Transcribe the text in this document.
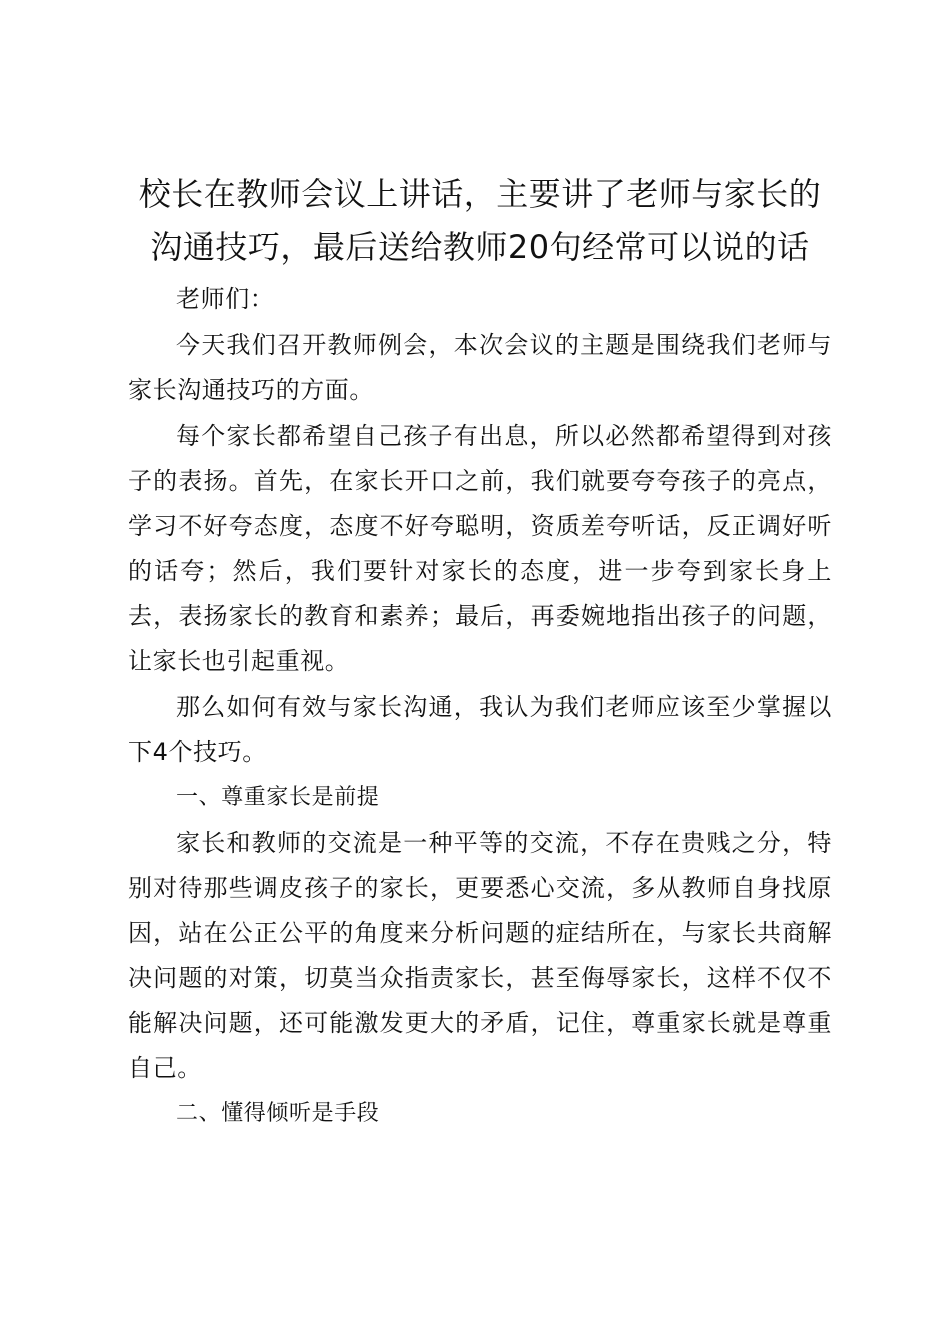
校长在教师会议上讲话，主要讲了老师与家长的沟通技巧，最后送给教师20句经常可以说的话

老师们：

今天我们召开教师例会，本次会议的主题是围绕我们老师与家长沟通技巧的方面。

每个家长都希望自己孩子有出息，所以必然都希望得到对孩子的表扬。首先，在家长开口之前，我们就要夸夸孩子的亮点，学习不好夸态度，态度不好夸聪明，资质差夸听话，反正调好听的话夸；然后，我们要针对家长的态度，进一步夸到家长身上去，表扬家长的教育和素养；最后，再委婉地指出孩子的问题，让家长也引起重视。

那么如何有效与家长沟通，我认为我们老师应该至少掌握以下4个技巧。

一、尊重家长是前提

家长和教师的交流是一种平等的交流，不存在贵贱之分，特别对待那些调皮孩子的家长，更要悉心交流，多从教师自身找原因，站在公正公平的角度来分析问题的症结所在，与家长共商解决问题的对策，切莫当众指责家长，甚至侮辱家长，这样不仅不能解决问题，还可能激发更大的矛盾，记住，尊重家长就是尊重自己。

二、懂得倾听是手段
